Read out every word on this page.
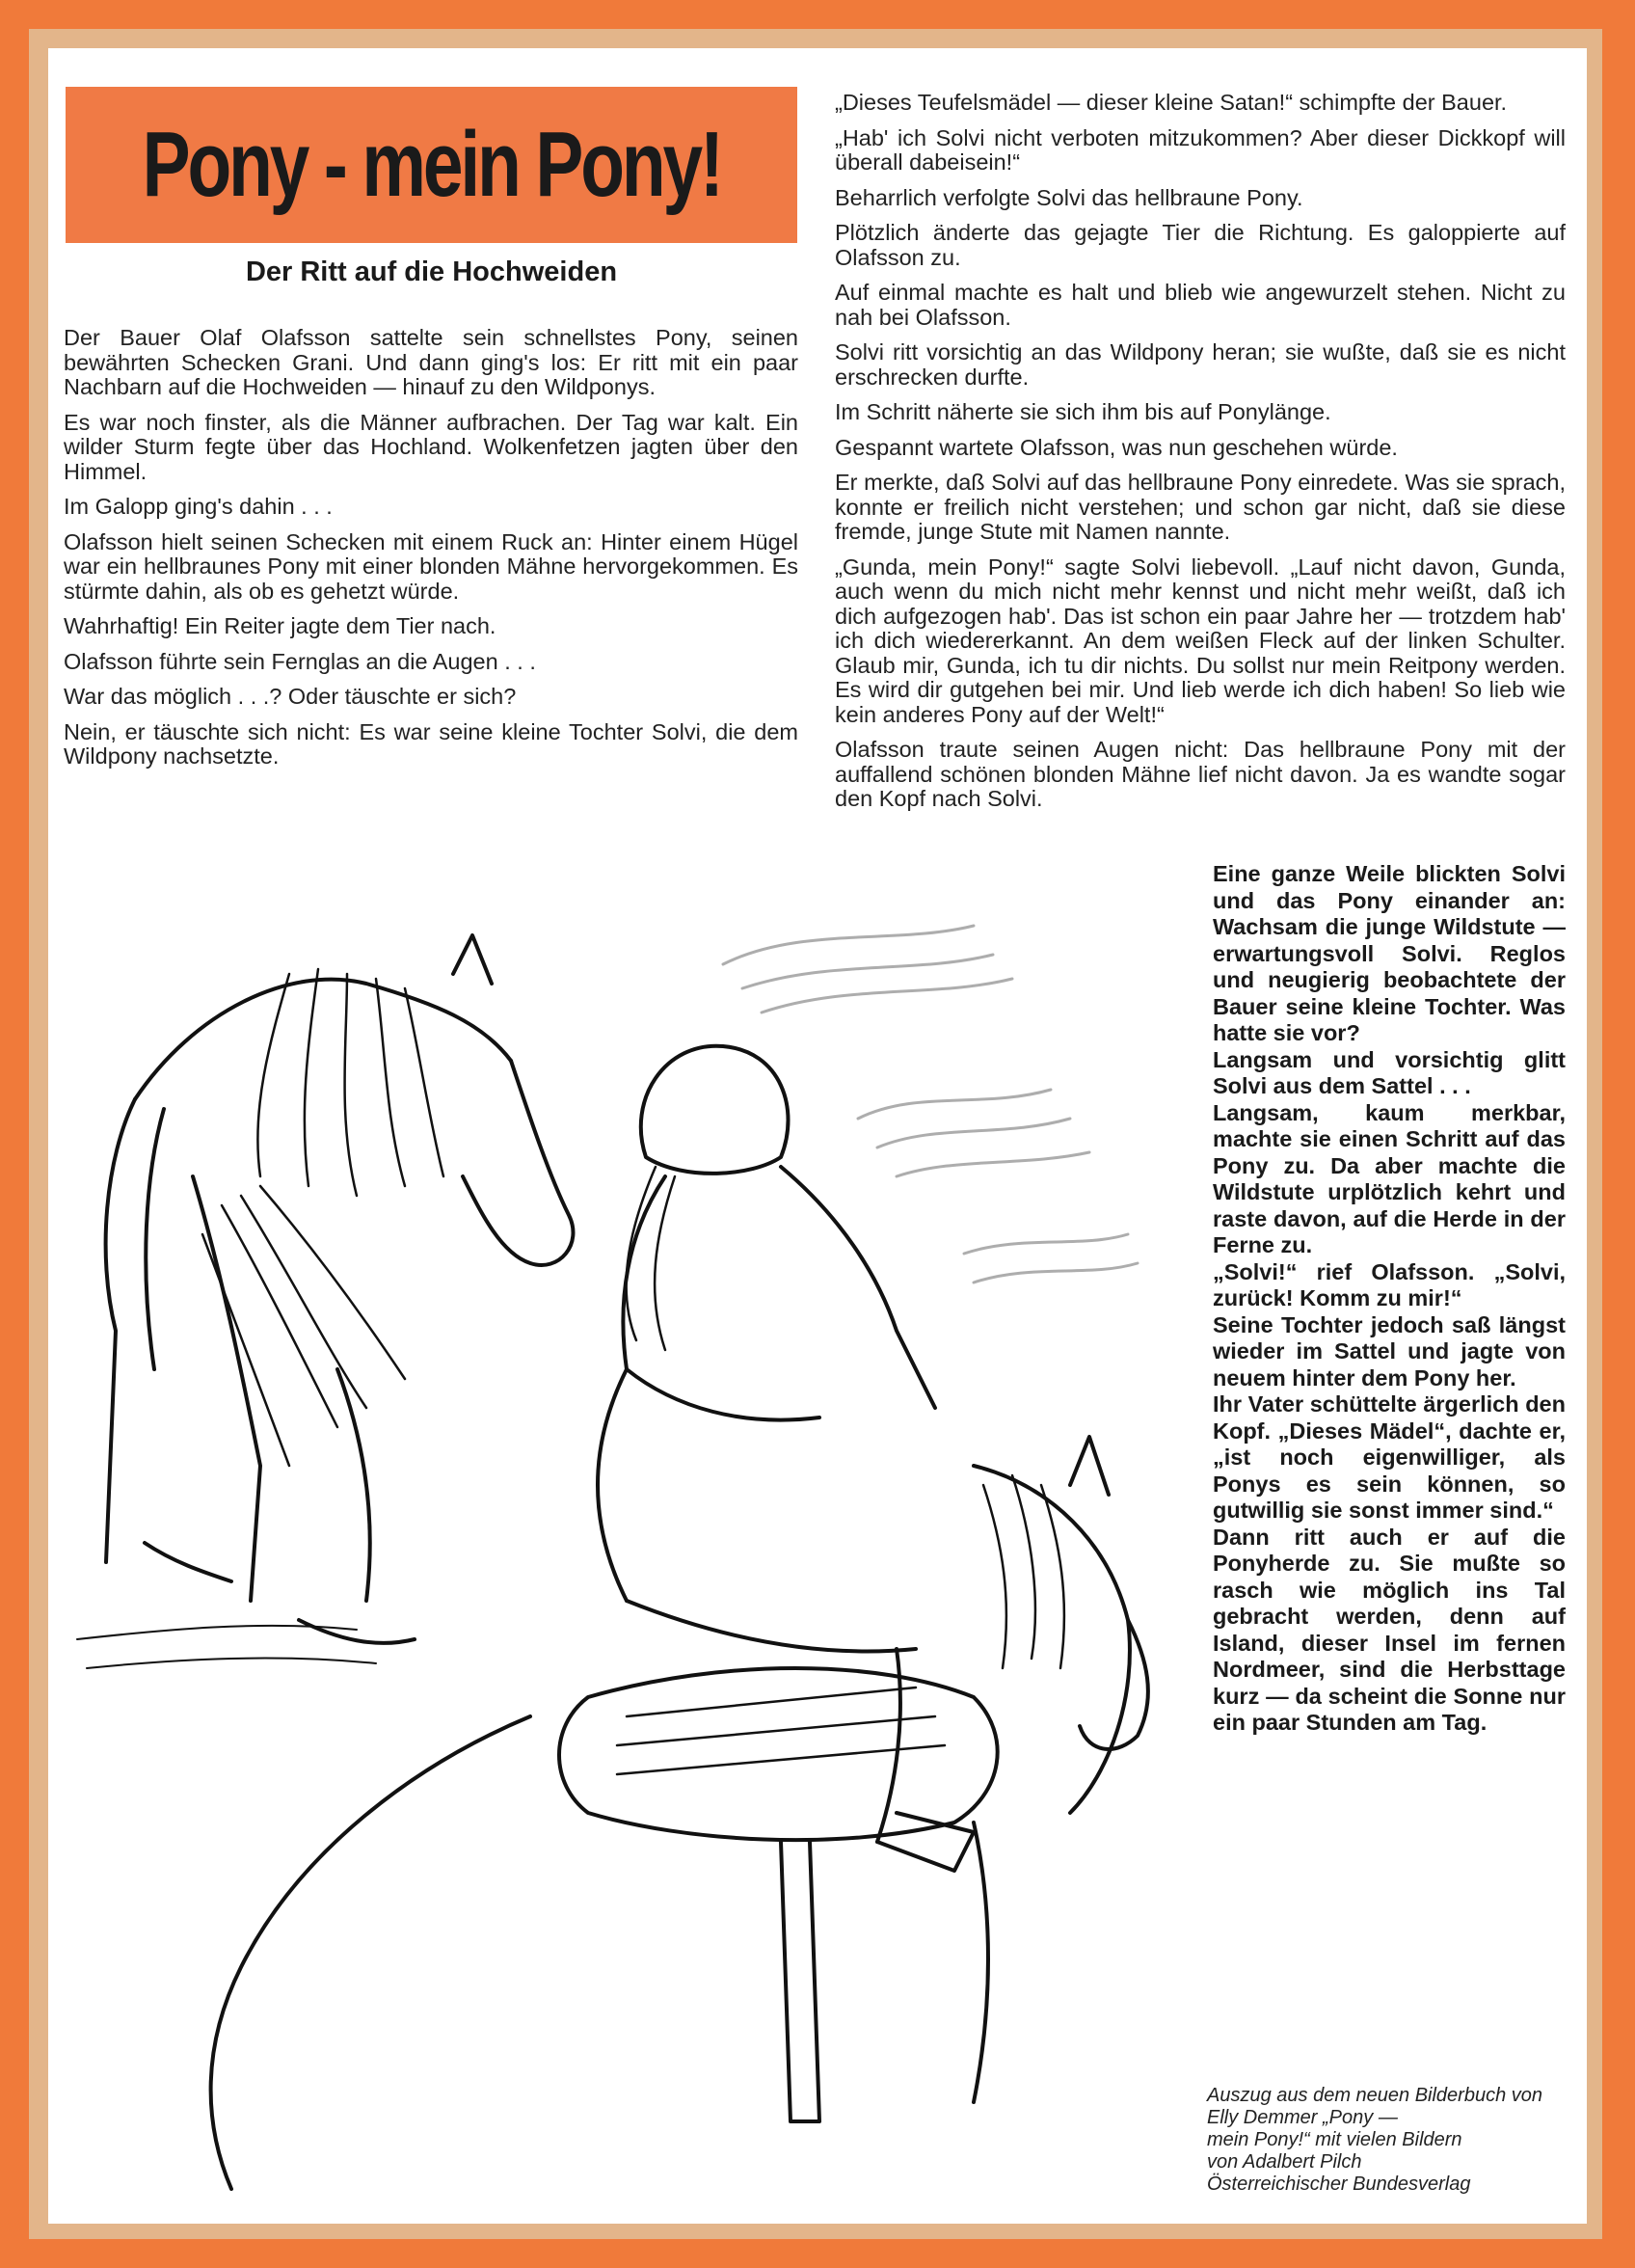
Pony - mein Pony!
Der Ritt auf die Hochweiden

Der Bauer Olaf Olafsson sattelte sein schnellstes Pony, seinen bewährten Schecken Grani. Und dann ging's los: Er ritt mit ein paar Nachbarn auf die Hochweiden — hinauf zu den Wildponys.

Es war noch finster, als die Männer aufbrachen. Der Tag war kalt. Ein wilder Sturm fegte über das Hochland. Wolkenfetzen jagten über den Himmel.

Im Galopp ging's dahin . . .

Olafsson hielt seinen Schecken mit einem Ruck an: Hinter einem Hügel war ein hellbraunes Pony mit einer blonden Mähne hervorgekommen. Es stürmte dahin, als ob es gehetzt würde.

Wahrhaftig! Ein Reiter jagte dem Tier nach.

Olafsson führte sein Fernglas an die Augen . . .

War das möglich . . .? Oder täuschte er sich?

Nein, er täuschte sich nicht: Es war seine kleine Tochter Solvi, die dem Wildpony nachsetzte.

„Dieses Teufelsmädel — dieser kleine Satan!“ schimpfte der Bauer.

„Hab' ich Solvi nicht verboten mitzukommen? Aber dieser Dickkopf will überall dabeisein!“

Beharrlich verfolgte Solvi das hellbraune Pony.

Plötzlich änderte das gejagte Tier die Richtung. Es galoppierte auf Olafsson zu.

Auf einmal machte es halt und blieb wie angewurzelt stehen. Nicht zu nah bei Olafsson.

Solvi ritt vorsichtig an das Wildpony heran; sie wußte, daß sie es nicht erschrecken durfte.

Im Schritt näherte sie sich ihm bis auf Ponylänge.

Gespannt wartete Olafsson, was nun geschehen würde.

Er merkte, daß Solvi auf das hellbraune Pony einredete. Was sie sprach, konnte er freilich nicht verstehen; und schon gar nicht, daß sie diese fremde, junge Stute mit Namen nannte.

„Gunda, mein Pony!“ sagte Solvi liebevoll. „Lauf nicht davon, Gunda, auch wenn du mich nicht mehr kennst und nicht mehr weißt, daß ich dich aufgezogen hab'. Das ist schon ein paar Jahre her — trotzdem hab' ich dich wiedererkannt. An dem weißen Fleck auf der linken Schulter. Glaub mir, Gunda, ich tu dir nichts. Du sollst nur mein Reitpony werden. Es wird dir gutgehen bei mir. Und lieb werde ich dich haben! So lieb wie kein anderes Pony auf der Welt!“

Olafsson traute seinen Augen nicht: Das hellbraune Pony mit der auffallend schönen blonden Mähne lief nicht davon. Ja es wandte sogar den Kopf nach Solvi.

Eine ganze Weile blickten Solvi und das Pony einander an: Wachsam die junge Wildstute — erwartungsvoll Solvi. Reglos und neugierig beobachtete der Bauer seine kleine Tochter. Was hatte sie vor?

Langsam und vorsichtig glitt Solvi aus dem Sattel . . .

Langsam, kaum merkbar, machte sie einen Schritt auf das Pony zu. Da aber machte die Wildstute urplötzlich kehrt und raste davon, auf die Herde in der Ferne zu.

„Solvi!“ rief Olafsson. „Solvi, zurück! Komm zu mir!“

Seine Tochter jedoch saß längst wieder im Sattel und jagte von neuem hinter dem Pony her.

Ihr Vater schüttelte ärgerlich den Kopf. „Dieses Mädel“, dachte er, „ist noch eigenwilliger, als Ponys es sein können, so gutwillig sie sonst immer sind.“

Dann ritt auch er auf die Ponyherde zu. Sie mußte so rasch wie möglich ins Tal gebracht werden, denn auf Island, dieser Insel im fernen Nordmeer, sind die Herbsttage kurz — da scheint die Sonne nur ein paar Stunden am Tag.

Auszug aus dem neuen Bilderbuch von Elly Demmer „Pony —

mein Pony!“ mit vielen Bildern

von Adalbert Pilch

Österreichischer Bundesverlag
